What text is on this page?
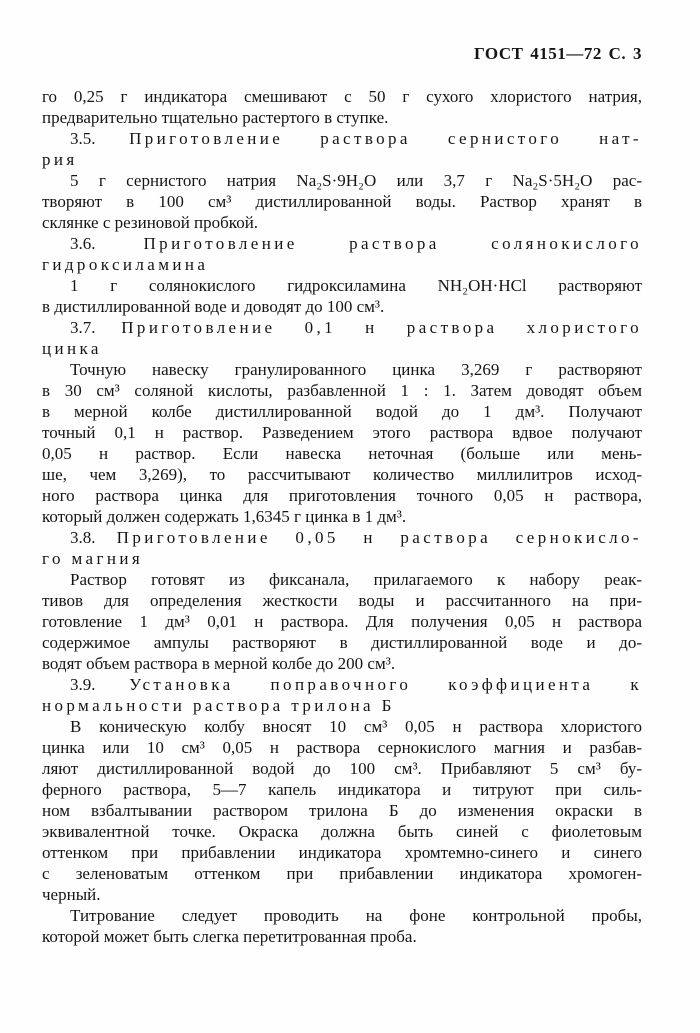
ГОСТ 4151—72 С. 3
го 0,25 г индикатора смешивают с 50 г сухого хлористого натрия,
предварительно тщательно растертого в ступке.
3.5. Приготовление раствора сернистого нат-
рия
5 г сернистого натрия Na₂S·9H₂O или 3,7 г Na₂S·5H₂O рас-
творяют в 100 см³ дистиллированной воды. Раствор хранят в
склянке с резиновой пробкой.
3.6. Приготовление раствора солянокислого
гидроксиламина
1 г солянокислого гидроксиламина NH₂OH·HCl растворяют
в дистиллированной воде и доводят до 100 см³.
3.7. Приготовление 0,1 н раствора хлористого
цинка
Точную навеску гранулированного цинка 3,269 г растворяют
в 30 см³ соляной кислоты, разбавленной 1 : 1. Затем доводят объем
в мерной колбе дистиллированной водой до 1 дм³. Получают
точный 0,1 н раствор. Разведением этого раствора вдвое получают
0,05 н раствор. Если навеска неточная (больше или мень-
ше, чем 3,269), то рассчитывают количество миллилитров исход-
ного раствора цинка для приготовления точного 0,05 н раствора,
который должен содержать 1,6345 г цинка в 1 дм³.
3.8. Приготовление 0,05 н раствора сернокисло-
го магния
Раствор готовят из фиксанала, прилагаемого к набору реак-
тивов для определения жесткости воды и рассчитанного на при-
готовление 1 дм³ 0,01 н раствора. Для получения 0,05 н раствора
содержимое ампулы растворяют в дистиллированной воде и до-
водят объем раствора в мерной колбе до 200 см³.
3.9. Установка поправочного коэффициента к
нормальности раствора трилона Б
В коническую колбу вносят 10 см³ 0,05 н раствора хлористого
цинка или 10 см³ 0,05 н раствора сернокислого магния и разбав-
ляют дистиллированной водой до 100 см³. Прибавляют 5 см³ бу-
ферного раствора, 5—7 капель индикатора и титруют при силь-
ном взбалтывании раствором трилона Б до изменения окраски в
эквивалентной точке. Окраска должна быть синей с фиолетовым
оттенком при прибавлении индикатора хромтемно-синего и синего
с зеленоватым оттенком при прибавлении индикатора хромоген-
черный.
Титрование следует проводить на фоне контрольной пробы,
которой может быть слегка перетитрованная проба.
